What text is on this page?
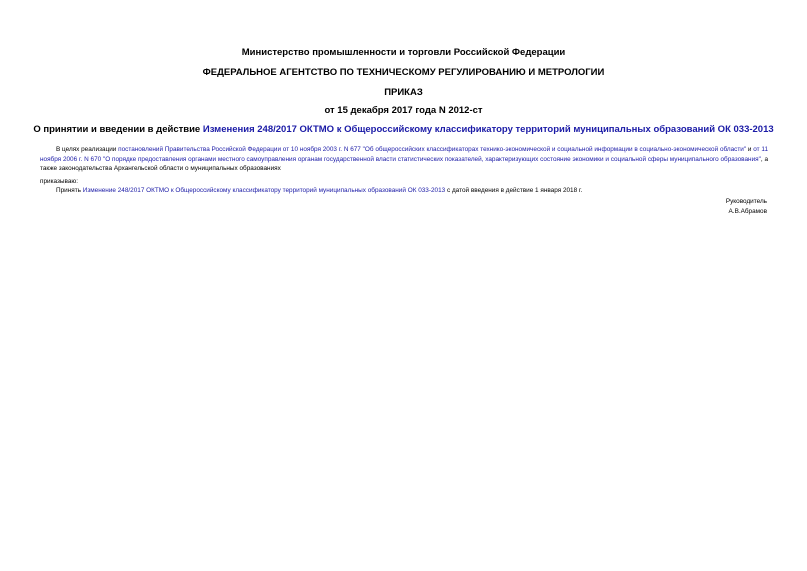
Министерство промышленности и торговли Российской Федерации
ФЕДЕРАЛЬНОЕ АГЕНТСТВО ПО ТЕХНИЧЕСКОМУ РЕГУЛИРОВАНИЮ И МЕТРОЛОГИИ
ПРИКАЗ
от 15 декабря 2017 года N 2012-ст
О принятии и введении в действие Изменения 248/2017 ОКТМО к Общероссийскому классификатору территорий муниципальных образований ОК 033-2013
В целях реализации постановлений Правительства Российской Федерации от 10 ноября 2003 г. N 677 "Об общероссийских классификаторах технико-экономической и социальной информации в социально-экономической области" и от 11 ноября 2006 г. N 670 "О порядке предоставления органами местного самоуправления органам государственной власти статистических показателей, характеризующих состояние экономики и социальной сферы муниципального образования", а также законодательства Архангельской области о муниципальных образованиях
приказываю:
Принять Изменение 248/2017 ОКТМО к Общероссийскому классификатору территорий муниципальных образований ОК 033-2013 с датой введения в действие 1 января 2018 г.
Руководитель
А.В.Абрамов
